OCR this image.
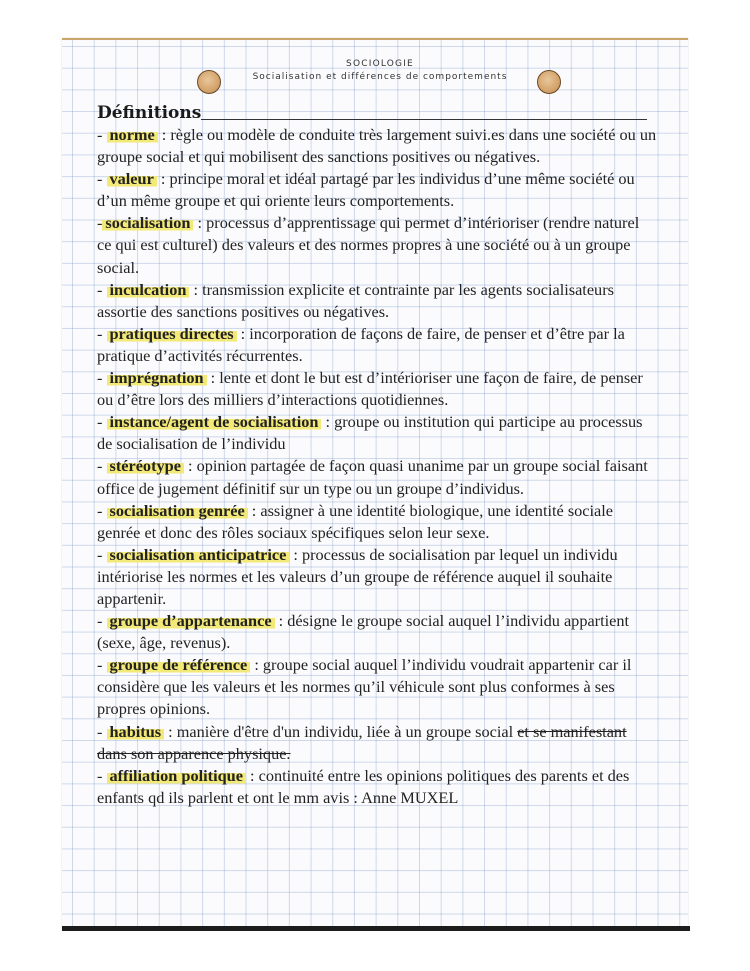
SOCIOLOGIE
Socialisation et différences de comportements
Définitions

- norme : règle ou modèle de conduite très largement suivi.es dans une société ou un groupe social et qui mobilisent des sanctions positives ou négatives.

- valeur : principe moral et idéal partagé par les individus d’une même société ou d’un même groupe et qui oriente leurs comportements.

- socialisation : processus d’apprentissage qui permet d’intérioriser (rendre naturel ce qui est culturel) des valeurs et des normes propres à une société ou à un groupe social.

- inculcation : transmission explicite et contrainte par les agents socialisateurs assortie des sanctions positives ou négatives.

- pratiques directes : incorporation de façons de faire, de penser et d’être par la pratique d’activités récurrentes.

- imprégnation : lente et dont le but est d’intérioriser une façon de faire, de penser ou d’être lors des milliers d’interactions quotidiennes.

- instance/agent de socialisation : groupe ou institution qui participe au processus de socialisation de l’individu

- stéréotype : opinion partagée de façon quasi unanime par un groupe social faisant office de jugement définitif sur un type ou un groupe d’individus.

- socialisation genrée : assigner à une identité biologique, une identité sociale genrée et donc des rôles sociaux spécifiques selon leur sexe.

- socialisation anticipatrice : processus de socialisation par lequel un individu intériorise les normes et les valeurs d’un groupe de référence auquel il souhaite appartenir.

- groupe d’appartenance : désigne le groupe social auquel l’individu appartient (sexe, âge, revenus).

- groupe de référence : groupe social auquel l’individu voudrait appartenir car il considère que les valeurs et les normes qu’il véhicule sont plus conformes à ses propres opinions.

- habitus : manière d'être d'un individu, liée à un groupe social et se manifestant dans son apparence physique.

- affiliation politique : continuité entre les opinions politiques des parents et des enfants qd ils parlent et ont le mm avis : Anne MUXEL
